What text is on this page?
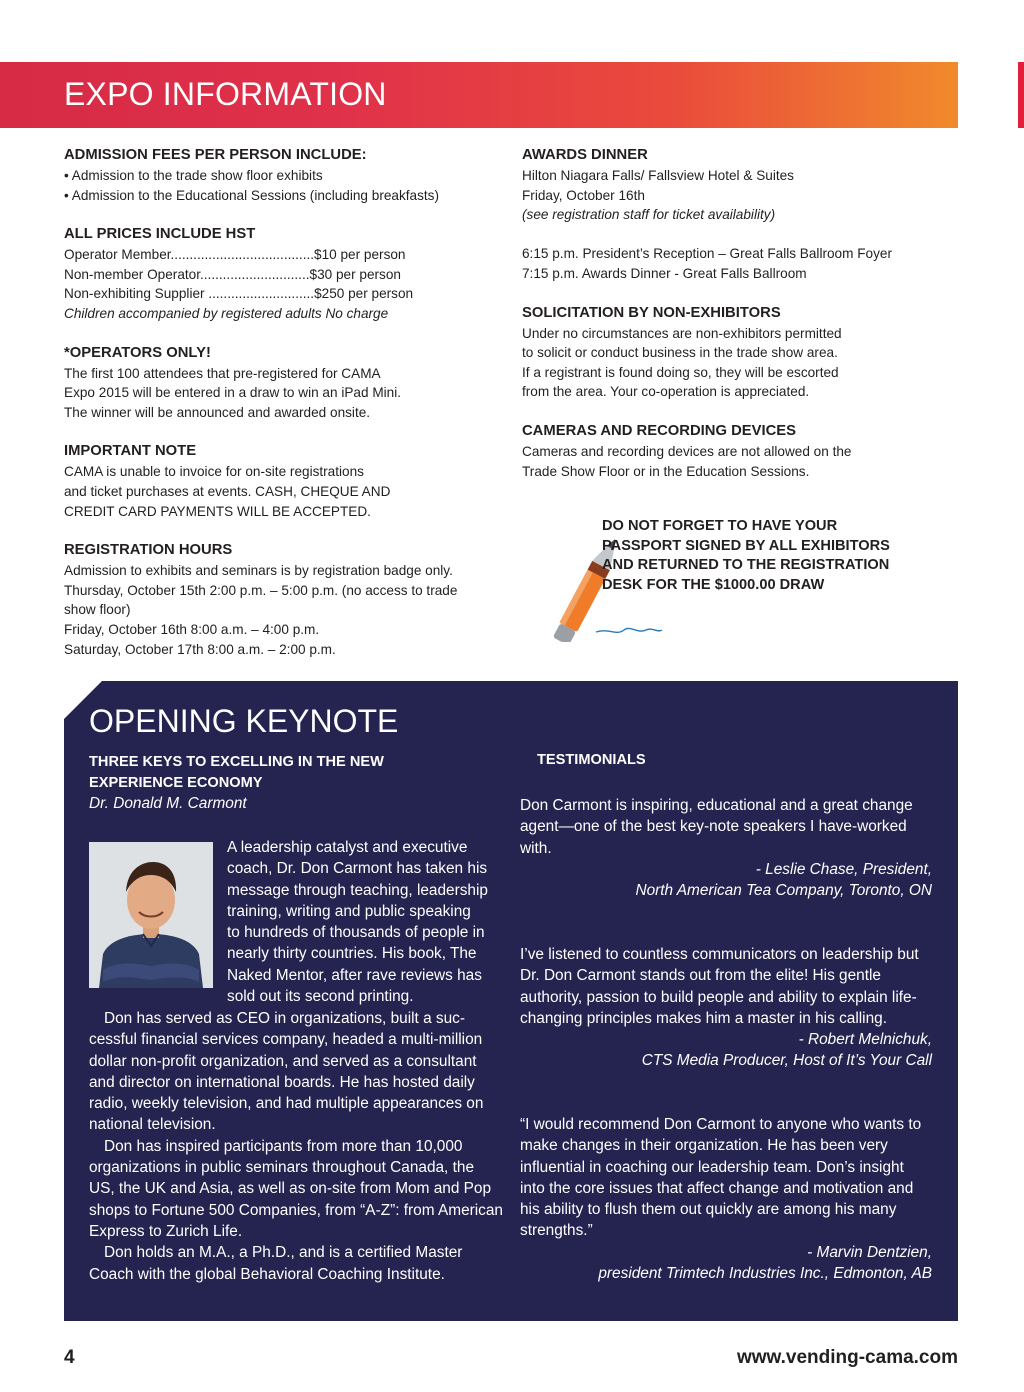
EXPO INFORMATION
ADMISSION FEES PER PERSON INCLUDE:
• Admission to the trade show floor exhibits
• Admission to the Educational Sessions (including breakfasts)
ALL PRICES INCLUDE HST
Operator Member......................................$10 per person
Non-member Operator.............................$30 per person
Non-exhibiting Supplier ............................$250 per person
Children accompanied by registered adults No charge
*OPERATORS ONLY!
The first 100 attendees that pre-registered for CAMA
Expo 2015 will be entered in a draw to win an iPad Mini.
The winner will be announced and awarded onsite.
IMPORTANT NOTE
CAMA is unable to invoice for on-site registrations
and ticket purchases at events. CASH, CHEQUE AND
CREDIT CARD PAYMENTS WILL BE ACCEPTED.
REGISTRATION HOURS
Admission to exhibits and seminars is by registration badge only.
Thursday, October 15th 2:00 p.m. – 5:00 p.m. (no access to trade
show floor)
Friday, October 16th 8:00 a.m. – 4:00 p.m.
Saturday, October 17th 8:00 a.m. – 2:00 p.m.
AWARDS DINNER
Hilton Niagara Falls/ Fallsview Hotel & Suites
Friday, October 16th
(see registration staff for ticket availability)
6:15 p.m. President’s Reception – Great Falls Ballroom Foyer
7:15 p.m. Awards Dinner - Great Falls Ballroom
SOLICITATION BY NON-EXHIBITORS
Under no circumstances are non-exhibitors permitted
to solicit or conduct business in the trade show area.
If a registrant is found doing so, they will be escorted
from the area. Your co-operation is appreciated.
CAMERAS AND RECORDING DEVICES
Cameras and recording devices are not allowed on the
Trade Show Floor or in the Education Sessions.
DO NOT FORGET TO HAVE YOUR
PASSPORT SIGNED BY ALL EXHIBITORS
AND RETURNED TO THE REGISTRATION
DESK FOR THE $1000.00 DRAW
OPENING KEYNOTE
THREE KEYS TO EXCELLING IN THE NEW
EXPERIENCE ECONOMY
Dr. Donald M. Carmont
A leadership catalyst and executive
coach, Dr. Don Carmont has taken his
message through teaching, leadership
training, writing and public speaking
to hundreds of thousands of people in
nearly thirty countries. His book, The
Naked Mentor, after rave reviews has
sold out its second printing.

Don has served as CEO in organizations, built a suc-cessful financial services company, headed a multi-million dollar non-profit organization, and served as a consultant and director on international boards. He has hosted daily radio, weekly television, and had multiple appearances on national television.

Don has inspired participants from more than 10,000 organizations in public seminars throughout Canada, the US, the UK and Asia, as well as on-site from Mom and Pop shops to Fortune 500 Companies, from “A-Z”: from American Express to Zurich Life.

Don holds an M.A., a Ph.D., and is a certified Master Coach with the global Behavioral Coaching Institute.

TESTIMONIALS

Don Carmont is inspiring, educational and a great change agent—one of the best key-note speakers I have-worked with.

- Leslie Chase, President,

North American Tea Company, Toronto, ON

I’ve listened to countless communicators on leadership but Dr. Don Carmont stands out from the elite! His gentle authority, passion to build people and ability to explain life-changing principles makes him a master in his calling.

- Robert Melnichuk,

CTS Media Producer, Host of It’s Your Call

“I would recommend Don Carmont to anyone who wants to make changes in their organization. He has been very influential in coaching our leadership team. Don’s insight into the core issues that affect change and motivation and his ability to flush them out quickly are among his many strengths.”

- Marvin Dentzien,

president Trimtech Industries Inc., Edmonton, AB

4	www.vending-cama.com
